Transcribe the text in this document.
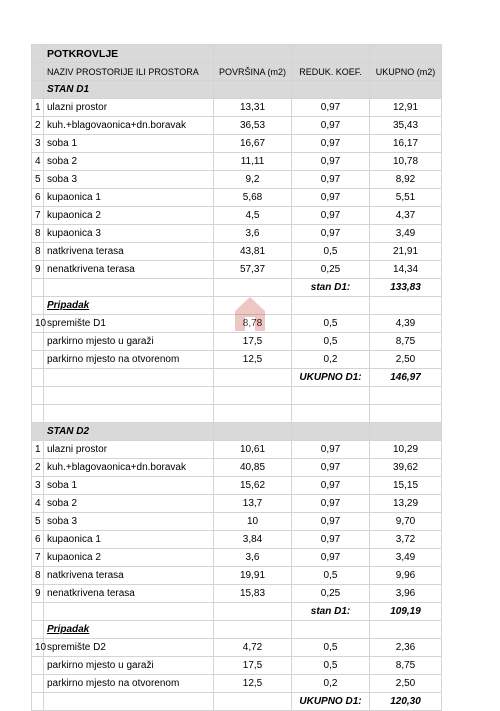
	POTKROVLJE			
	NAZIV PROSTORIJE ILI PROSTORA	POVRŠINA (m2)	REDUK. KOEF.	UKUPNO (m2)
	STAN D1			
1	ulazni prostor	13,31	0,97	12,91
2	kuh.+blagovaonica+dn.boravak	36,53	0,97	35,43
3	soba 1	16,67	0,97	16,17
4	soba 2	11,11	0,97	10,78
5	soba 3	9,2	0,97	8,92
6	kupaonica 1	5,68	0,97	5,51
7	kupaonica 2	4,5	0,97	4,37
8	kupaonica 3	3,6	0,97	3,49
8	natkrivena terasa	43,81	0,5	21,91
9	nenatkrivena terasa	57,37	0,25	14,34
			stan D1:	133,83
	Pripadak			
10	spremište D1	8,78	0,5	4,39
	parkirno mjesto u garaži	17,5	0,5	8,75
	parkirno mjesto na otvorenom	12,5	0,2	2,50
			UKUPNO D1:	146,97

	STAN D2			
1	ulazni prostor	10,61	0,97	10,29
2	kuh.+blagovaonica+dn.boravak	40,85	0,97	39,62
3	soba 1	15,62	0,97	15,15
4	soba 2	13,7	0,97	13,29
5	soba 3	10	0,97	9,70
6	kupaonica 1	3,84	0,97	3,72
7	kupaonica 2	3,6	0,97	3,49
8	natkrivena terasa	19,91	0,5	9,96
9	nenatkrivena terasa	15,83	0,25	3,96
			stan D1:	109,19
	Pripadak			
10	spremište D2	4,72	0,5	2,36
	parkirno mjesto u garaži	17,5	0,5	8,75
	parkirno mjesto na otvorenom	12,5	0,2	2,50
			UKUPNO D1:	120,30
